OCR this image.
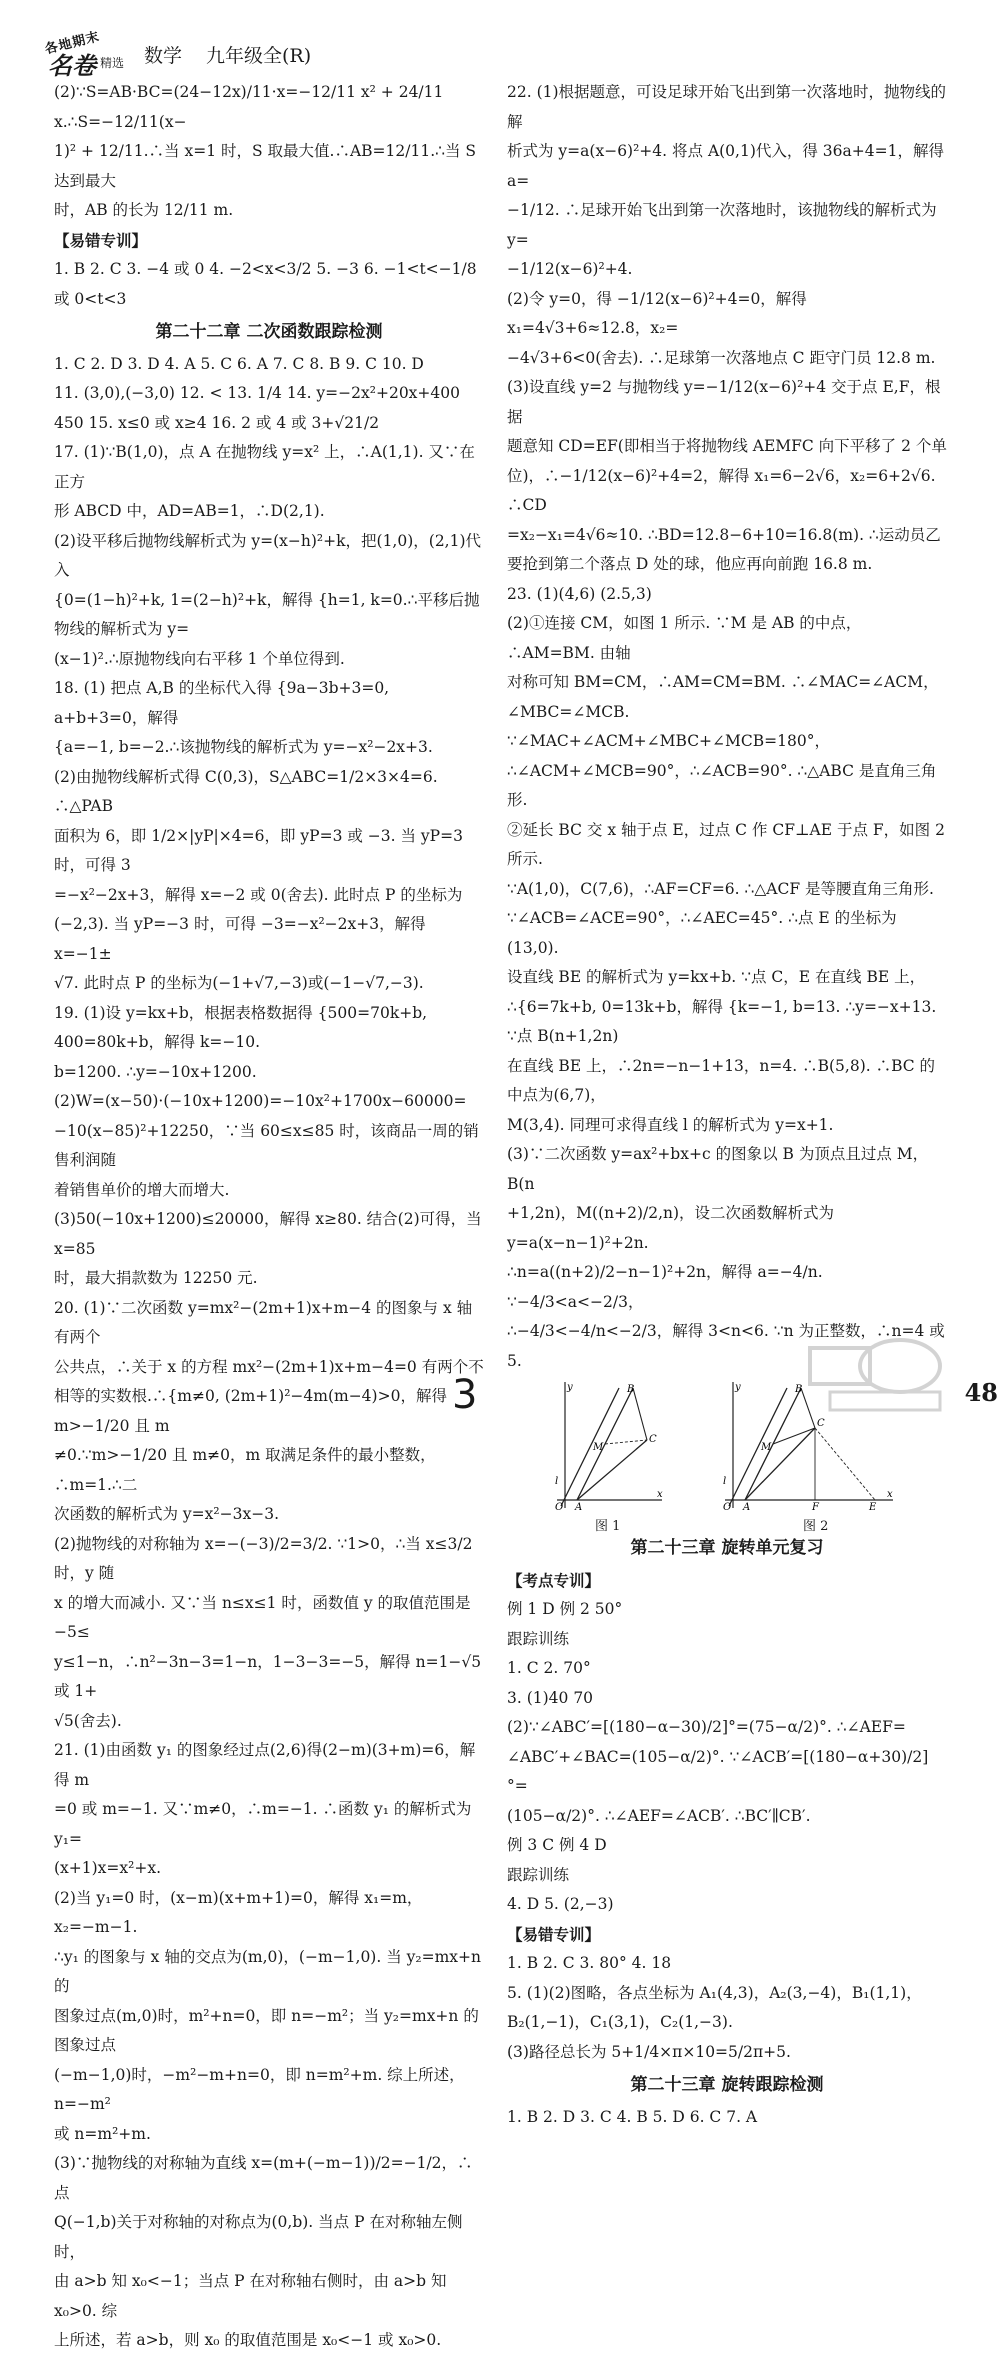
各地期末
名卷 精选 数学 九年级全(R)

(2)∵S=AB·BC=(24−12x)/11·x=−12/11 x² + 24/11 x.∴S=−12/11(x−

1)² + 12/11.∴当 x=1 时，S 取最大值.∴AB=12/11.∴当 S 达到最大

时，AB 的长为 12/11 m.

【易错专训】

1. B 2. C 3. −4 或 0 4. −2<x<3/2 5. −3 6. −1<t<−1/8

或 0<t<3

第二十二章 二次函数跟踪检测

1. C 2. D 3. D 4. A 5. C 6. A 7. C 8. B 9. C 10. D

11. (3,0),(−3,0) 12. < 13. 1/4 14. y=−2x²+20x+400

450 15. x≤0 或 x≥4 16. 2 或 4 或 3+√21/2

17. (1)∵B(1,0)，点 A 在抛物线 y=x² 上，∴A(1,1). 又∵在正方

形 ABCD 中，AD=AB=1，∴D(2,1).

(2)设平移后抛物线解析式为 y=(x−h)²+k，把(1,0)，(2,1)代入

{0=(1−h)²+k, 1=(2−h)²+k，解得 {h=1, k=0.∴平移后抛物线的解析式为 y=

(x−1)².∴原抛物线向右平移 1 个单位得到.

18. (1) 把点 A,B 的坐标代入得 {9a−3b+3=0, a+b+3=0，解得

{a=−1, b=−2.∴该抛物线的解析式为 y=−x²−2x+3.

(2)由抛物线解析式得 C(0,3)，S△ABC=1/2×3×4=6. ∴△PAB

面积为 6，即 1/2×|yP|×4=6，即 yP=3 或 −3. 当 yP=3 时，可得 3

=−x²−2x+3，解得 x=−2 或 0(舍去). 此时点 P 的坐标为

(−2,3). 当 yP=−3 时，可得 −3=−x²−2x+3，解得 x=−1±

√7. 此时点 P 的坐标为(−1+√7,−3)或(−1−√7,−3).

19. (1)设 y=kx+b，根据表格数据得 {500=70k+b, 400=80k+b，解得 k=−10.

b=1200. ∴y=−10x+1200.

(2)W=(x−50)·(−10x+1200)=−10x²+1700x−60000=

−10(x−85)²+12250，∵当 60≤x≤85 时，该商品一周的销售利润随

着销售单价的增大而增大.

(3)50(−10x+1200)≤20000，解得 x≥80. 结合(2)可得，当 x=85

时，最大捐款数为 12250 元.

20. (1)∵二次函数 y=mx²−(2m+1)x+m−4 的图象与 x 轴有两个

公共点，∴关于 x 的方程 mx²−(2m+1)x+m−4=0 有两个不

相等的实数根.∴{m≠0, (2m+1)²−4m(m−4)>0，解得 m>−1/20 且 m

≠0.∵m>−1/20 且 m≠0，m 取满足条件的最小整数，∴m=1.∴二

次函数的解析式为 y=x²−3x−3.

(2)抛物线的对称轴为 x=−(−3)/2=3/2. ∵1>0，∴当 x≤3/2 时，y 随

x 的增大而减小. 又∵当 n≤x≤1 时，函数值 y 的取值范围是 −5≤

y≤1−n，∴n²−3n−3=1−n，1−3−3=−5，解得 n=1−√5 或 1+

√5(舍去).

21. (1)由函数 y₁ 的图象经过点(2,6)得(2−m)(3+m)=6，解得 m

=0 或 m=−1. 又∵m≠0，∴m=−1. ∴函数 y₁ 的解析式为 y₁=

(x+1)x=x²+x.

(2)当 y₁=0 时，(x−m)(x+m+1)=0，解得 x₁=m，x₂=−m−1.

∴y₁ 的图象与 x 轴的交点为(m,0)，(−m−1,0). 当 y₂=mx+n 的

图象过点(m,0)时，m²+n=0，即 n=−m²；当 y₂=mx+n 的图象过点

(−m−1,0)时，−m²−m+n=0，即 n=m²+m. 综上所述，n=−m²

或 n=m²+m.

(3)∵抛物线的对称轴为直线 x=(m+(−m−1))/2=−1/2，∴点

Q(−1,b)关于对称轴的对称点为(0,b). 当点 P 在对称轴左侧时，

由 a>b 知 x₀<−1；当点 P 在对称轴右侧时，由 a>b 知 x₀>0. 综

上所述，若 a>b，则 x₀ 的取值范围是 x₀<−1 或 x₀>0.

22. (1)根据题意，可设足球开始飞出到第一次落地时，抛物线的解

析式为 y=a(x−6)²+4. 将点 A(0,1)代入，得 36a+4=1，解得 a=

−1/12. ∴足球开始飞出到第一次落地时，该抛物线的解析式为 y=

−1/12(x−6)²+4.

(2)令 y=0，得 −1/12(x−6)²+4=0，解得 x₁=4√3+6≈12.8，x₂=

−4√3+6<0(舍去). ∴足球第一次落地点 C 距守门员 12.8 m.

(3)设直线 y=2 与抛物线 y=−1/12(x−6)²+4 交于点 E,F，根据

题意知 CD=EF(即相当于将抛物线 AEMFC 向下平移了 2 个单

位)，∴−1/12(x−6)²+4=2，解得 x₁=6−2√6，x₂=6+2√6. ∴CD

=x₂−x₁=4√6≈10. ∴BD=12.8−6+10=16.8(m). ∴运动员乙

要抢到第二个落点 D 处的球，他应再向前跑 16.8 m.

23. (1)(4,6) (2.5,3)

(2)①连接 CM，如图 1 所示. ∵M 是 AB 的中点，∴AM=BM. 由轴

对称可知 BM=CM，∴AM=CM=BM. ∴∠MAC=∠ACM，

∠MBC=∠MCB. ∵∠MAC+∠ACM+∠MBC+∠MCB=180°，

∴∠ACM+∠MCB=90°，∴∠ACB=90°. ∴△ABC 是直角三角形.

②延长 BC 交 x 轴于点 E，过点 C 作 CF⊥AE 于点 F，如图 2 所示.

∵A(1,0)，C(7,6)，∴AF=CF=6. ∴△ACF 是等腰直角三角形.

∵∠ACB=∠ACE=90°，∴∠AEC=45°. ∴点 E 的坐标为(13,0).

设直线 BE 的解析式为 y=kx+b. ∵点 C，E 在直线 BE 上，

∴{6=7k+b, 0=13k+b，解得 {k=−1, b=13. ∴y=−x+13. ∵点 B(n+1,2n)

在直线 BE 上，∴2n=−n−1+13，n=4. ∴B(5,8). ∴BC 的中点为(6,7)，

M(3,4). 同理可求得直线 l 的解析式为 y=x+1.

(3)∵二次函数 y=ax²+bx+c 的图象以 B 为顶点且过点 M，B(n

+1,2n)，M((n+2)/2,n)，设二次函数解析式为 y=a(x−n−1)²+2n.

∴n=a((n+2)/2−n−1)²+2n，解得 a=−4/n. ∵−4/3<a<−2/3，

∴−4/3<−4/n<−2/3，解得 3<n<6. ∵n 为正整数，∴n=4 或 5.

B
C
M
l
O A
x
y
图 1
B
C
M
l
O A	F	E
x
y
图 2

第二十三章 旋转单元复习

【考点专训】

例 1 D 例 2 50°

跟踪训练

1. C 2. 70°

3. (1)40 70

(2)∵∠ABC′=[(180−α−30)/2]°=(75−α/2)°. ∴∠AEF=

∠ABC′+∠BAC=(105−α/2)°. ∵∠ACB′=[(180−α+30)/2]°=

(105−α/2)°. ∴∠AEF=∠ACB′. ∴BC′∥CB′.

例 3 C 例 4 D

跟踪训练

4. D 5. (2,−3)

【易错专训】

1. B 2. C 3. 80° 4. 18

5. (1)(2)图略，各点坐标为 A₁(4,3)，A₂(3,−4)，B₁(1,1)，

B₂(1,−1)，C₁(3,1)，C₂(1,−3).

(3)路径总长为 5+1/4×π×10=5/2π+5.

第二十三章 旋转跟踪检测

1. B 2. D 3. C 4. B 5. D 6. C 7. A

3	48
